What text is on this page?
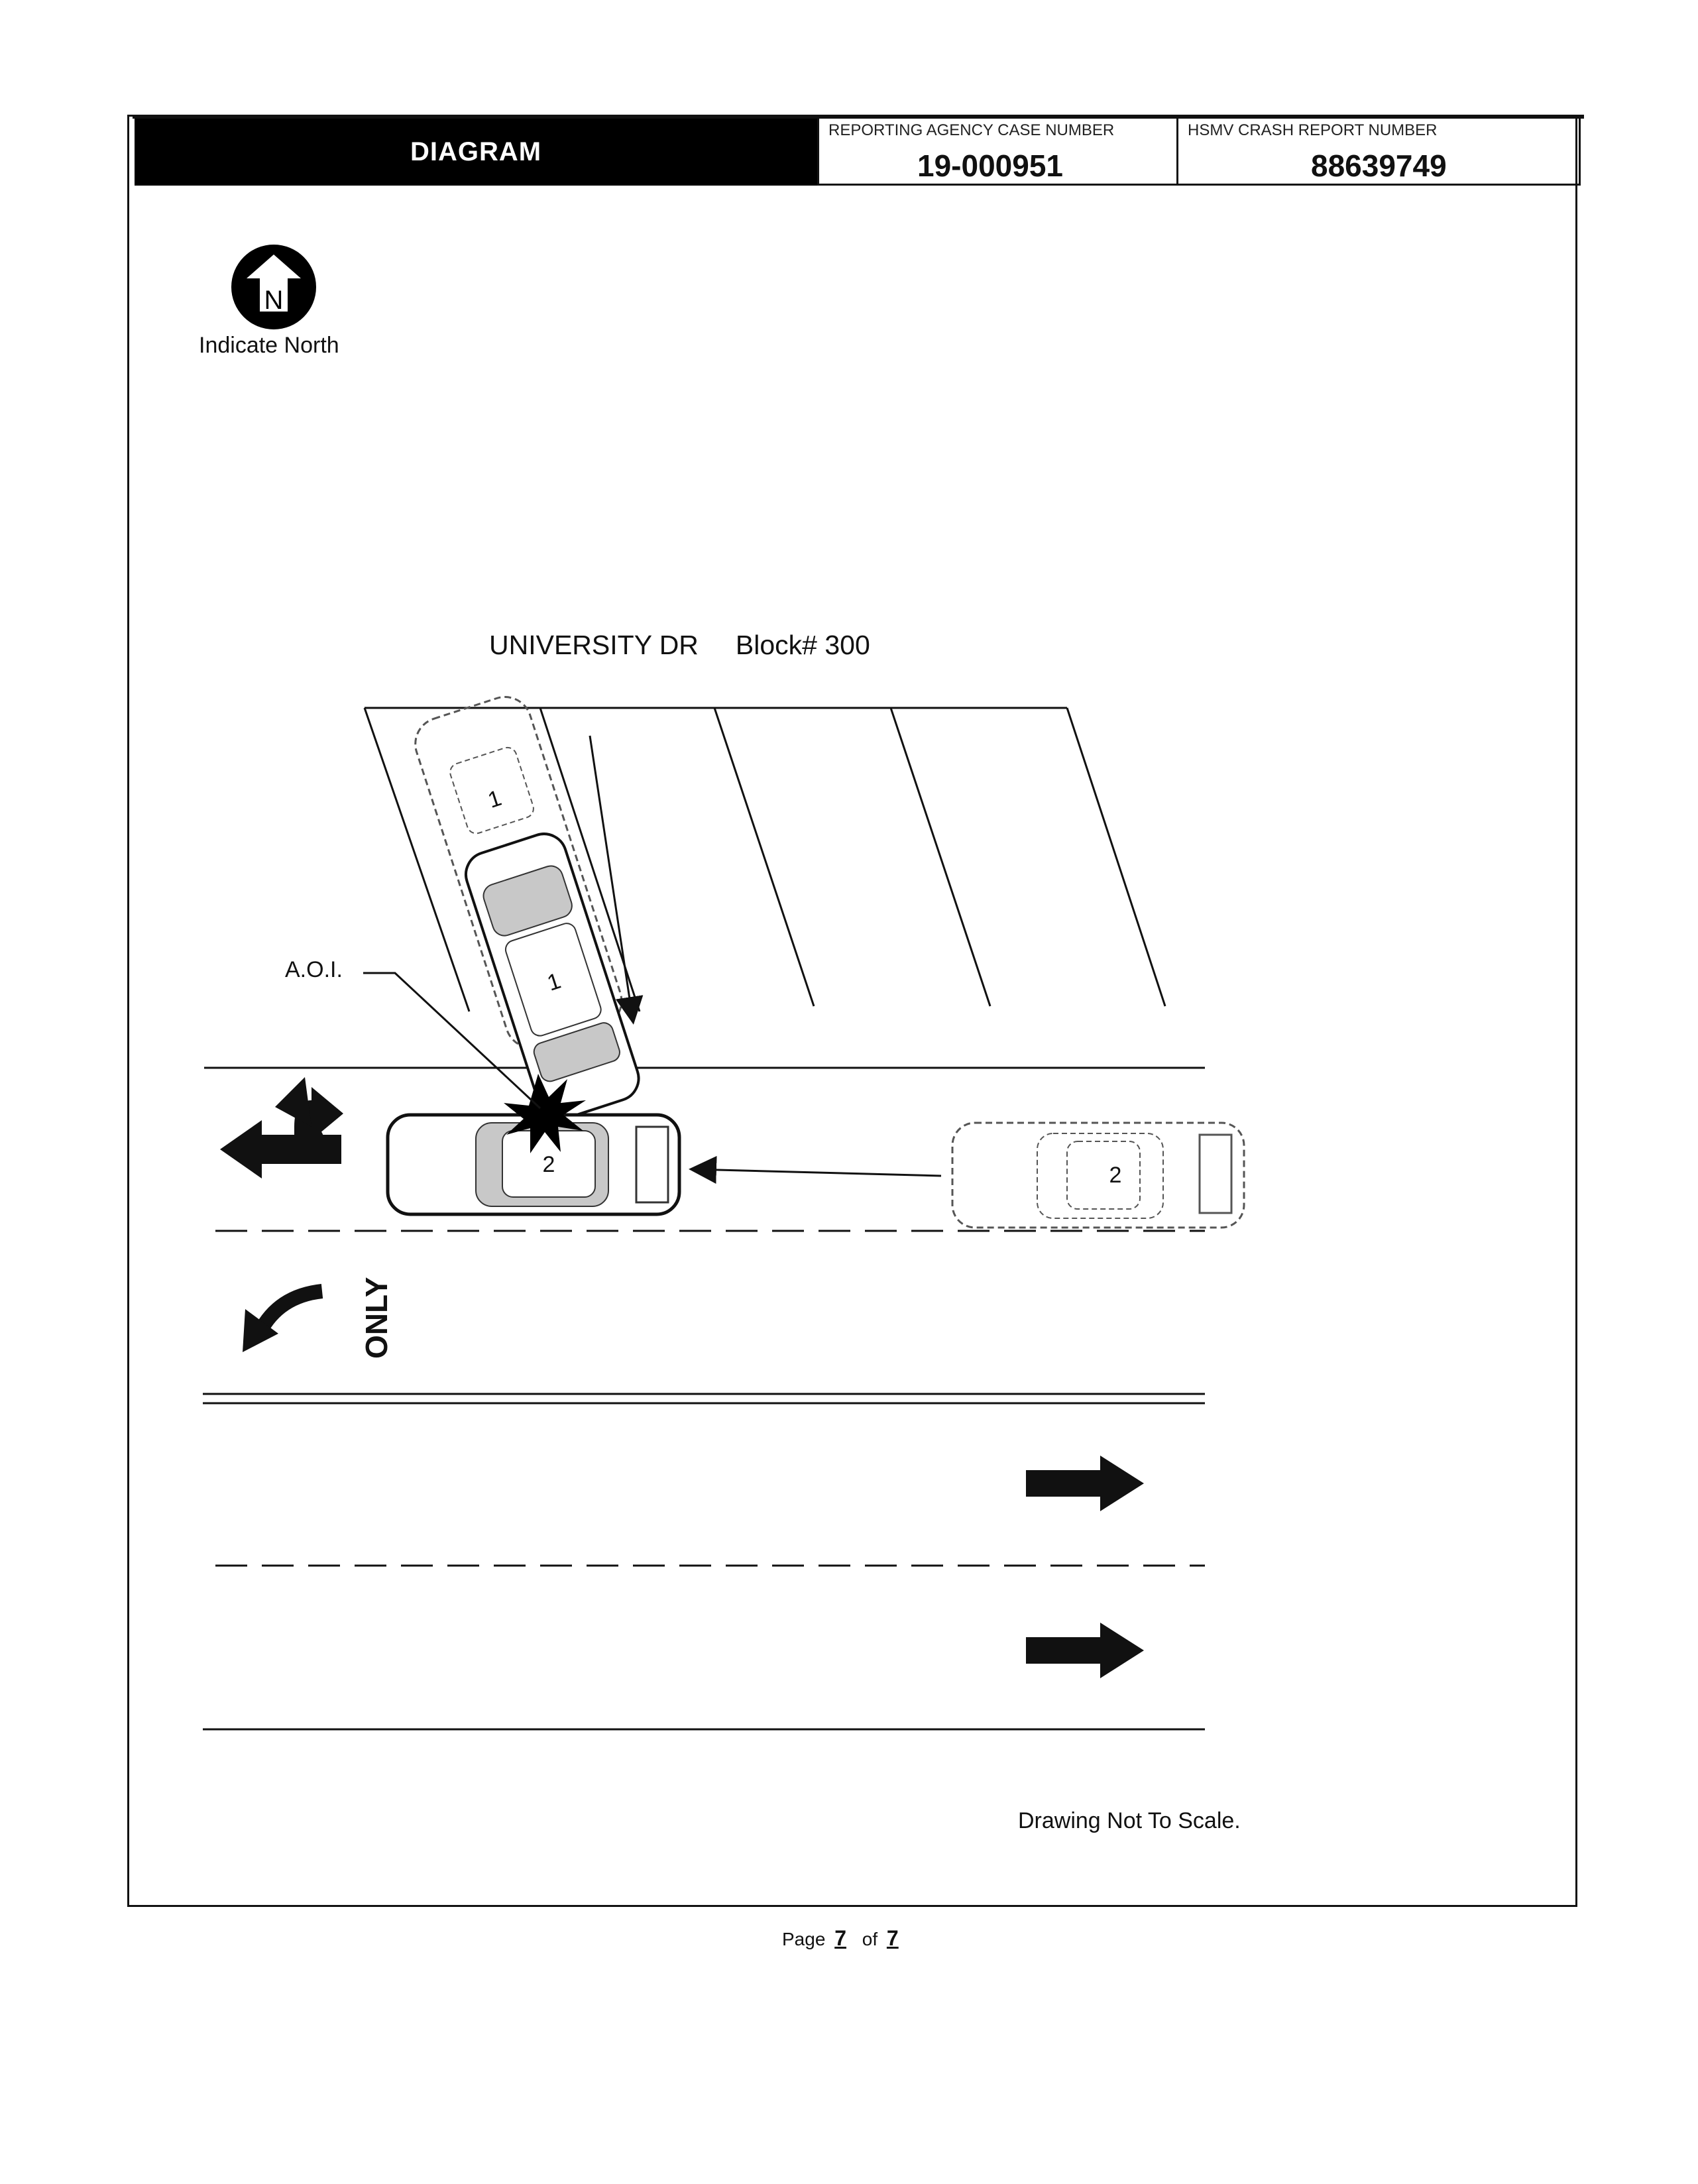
DIAGRAM
REPORTING AGENCY CASE NUMBER
19-000951
HSMV CRASH REPORT NUMBER
88639749
N
ONLY
1
1
2	2
Indicate North
UNIVERSITY DR Block# 300
A.O.I.
Drawing Not To Scale.
Page 7 of 7
